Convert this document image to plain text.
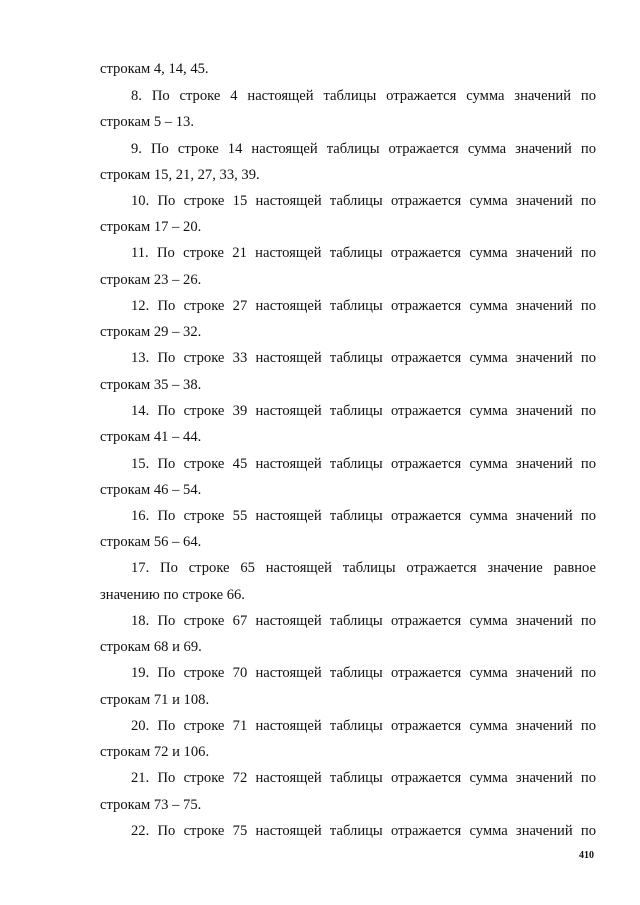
строкам 4, 14, 45.
8. По строке 4 настоящей таблицы отражается сумма значений по
строкам 5 – 13.
9. По строке 14 настоящей таблицы отражается сумма значений по
строкам 15, 21, 27, 33, 39.
10. По строке 15 настоящей таблицы отражается сумма значений по
строкам 17 – 20.
11. По строке 21 настоящей таблицы отражается сумма значений по
строкам 23 – 26.
12. По строке 27 настоящей таблицы отражается сумма значений по
строкам 29 – 32.
13. По строке 33 настоящей таблицы отражается сумма значений по
строкам 35 – 38.
14. По строке 39 настоящей таблицы отражается сумма значений по
строкам 41 – 44.
15. По строке 45 настоящей таблицы отражается сумма значений по
строкам 46 – 54.
16. По строке 55 настоящей таблицы отражается сумма значений по
строкам 56 – 64.
17. По строке 65 настоящей таблицы отражается значение равное
значению по строке 66.
18. По строке 67 настоящей таблицы отражается сумма значений по
строкам 68 и 69.
19. По строке 70 настоящей таблицы отражается сумма значений по
строкам 71 и 108.
20. По строке 71 настоящей таблицы отражается сумма значений по
строкам 72 и 106.
21. По строке 72 настоящей таблицы отражается сумма значений по
строкам 73 – 75.
22. По строке 75 настоящей таблицы отражается сумма значений по
410
